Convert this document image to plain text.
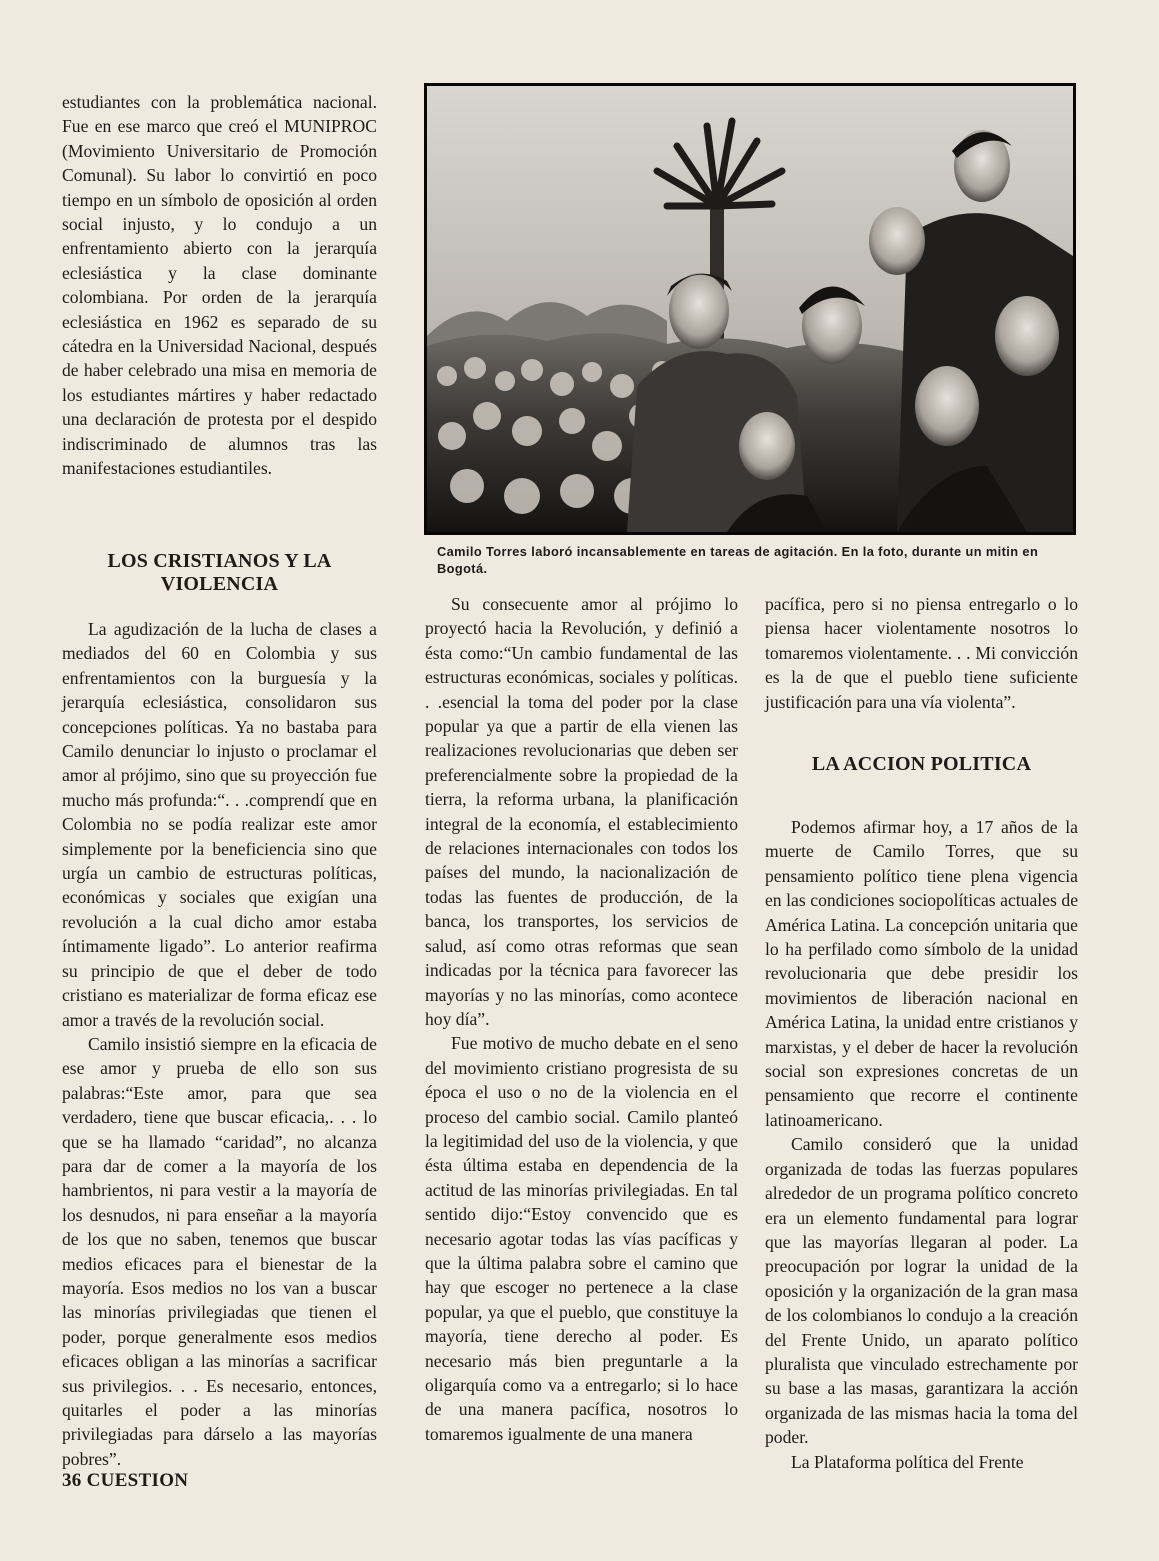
estudiantes con la problemática nacional. Fue en ese marco que creó el MUNIPROC (Movimiento Universitario de Promoción Comunal). Su labor lo convirtió en poco tiempo en un símbolo de oposición al orden social injusto, y lo condujo a un enfrentamiento abierto con la jerarquía eclesiástica y la clase dominante colombiana. Por orden de la jerarquía eclesiástica en 1962 es separado de su cátedra en la Universidad Nacional, después de haber celebrado una misa en memoria de los estudiantes mártires y haber redactado una declaración de protesta por el despido indiscriminado de alumnos tras las manifestaciones estudiantiles.

LOS CRISTIANOS Y LA VIOLENCIA

La agudización de la lucha de clases a mediados del 60 en Colombia y sus enfrentamientos con la burguesía y la jerarquía eclesiástica, consolidaron sus concepciones políticas. Ya no bastaba para Camilo denunciar lo injusto o proclamar el amor al prójimo, sino que su proyección fue mucho más profunda:“. . .comprendí que en Colombia no se podía realizar este amor simplemente por la beneficiencia sino que urgía un cambio de estructuras políticas, económicas y sociales que exigían una revolución a la cual dicho amor estaba íntimamente ligado”. Lo anterior reafirma su principio de que el deber de todo cristiano es materializar de forma eficaz ese amor a través de la revolución social.

Camilo insistió siempre en la eficacia de ese amor y prueba de ello son sus palabras:“Este amor, para que sea verdadero, tiene que buscar eficacia,. . . lo que se ha llamado “caridad”, no alcanza para dar de comer a la mayoría de los hambrientos, ni para vestir a la mayoría de los desnudos, ni para enseñar a la mayoría de los que no saben, tenemos que buscar medios eficaces para el bienestar de la mayoría. Esos medios no los van a buscar las minorías privilegiadas que tienen el poder, porque generalmente esos medios eficaces obligan a las minorías a sacrificar sus privilegios. . . Es necesario, entonces, quitarles el poder a las minorías privilegiadas para dárselo a las mayorías pobres”.

Camilo Torres laboró incansablemente en tareas de agitación. En la foto, durante un mitin en Bogotá.

Su consecuente amor al prójimo lo proyectó hacia la Revolución, y definió a ésta como:“Un cambio fundamental de las estructuras económicas, sociales y políticas. . .esencial la toma del poder por la clase popular ya que a partir de ella vienen las realizaciones revolucionarias que deben ser preferencialmente sobre la propiedad de la tierra, la reforma urbana, la planificación integral de la economía, el establecimiento de relaciones internacionales con todos los países del mundo, la nacionalización de todas las fuentes de producción, de la banca, los transportes, los servicios de salud, así como otras reformas que sean indicadas por la técnica para favorecer las mayorías y no las minorías, como acontece hoy día”.

Fue motivo de mucho debate en el seno del movimiento cristiano progresista de su época el uso o no de la violencia en el proceso del cambio social. Camilo planteó la legitimidad del uso de la violencia, y que ésta última estaba en dependencia de la actitud de las minorías privilegiadas. En tal sentido dijo:“Estoy convencido que es necesario agotar todas las vías pacíficas y que la última palabra sobre el camino que hay que escoger no pertenece a la clase popular, ya que el pueblo, que constituye la mayoría, tiene derecho al poder. Es necesario más bien preguntarle a la oligarquía como va a entregarlo; si lo hace de una manera pacífica, nosotros lo tomaremos igualmente de una manera

pacífica, pero si no piensa entregarlo o lo piensa hacer violentamente nosotros lo tomaremos violentamente. . . Mi convicción es la de que el pueblo tiene suficiente justificación para una vía violenta”.

LA ACCION POLITICA

Podemos afirmar hoy, a 17 años de la muerte de Camilo Torres, que su pensamiento político tiene plena vigencia en las condiciones sociopolíticas actuales de América Latina. La concepción unitaria que lo ha perfilado como símbolo de la unidad revolucionaria que debe presidir los movimientos de liberación nacional en América Latina, la unidad entre cristianos y marxistas, y el deber de hacer la revolución social son expresiones concretas de un pensamiento que recorre el continente latinoamericano.

Camilo consideró que la unidad organizada de todas las fuerzas populares alrededor de un programa político concreto era un elemento fundamental para lograr que las mayorías llegaran al poder. La preocupación por lograr la unidad de la oposición y la organización de la gran masa de los colombianos lo condujo a la creación del Frente Unido, un aparato político pluralista que vinculado estrechamente por su base a las masas, garantizara la acción organizada de las mismas hacia la toma del poder.

La Plataforma política del Frente

36 CUESTION
